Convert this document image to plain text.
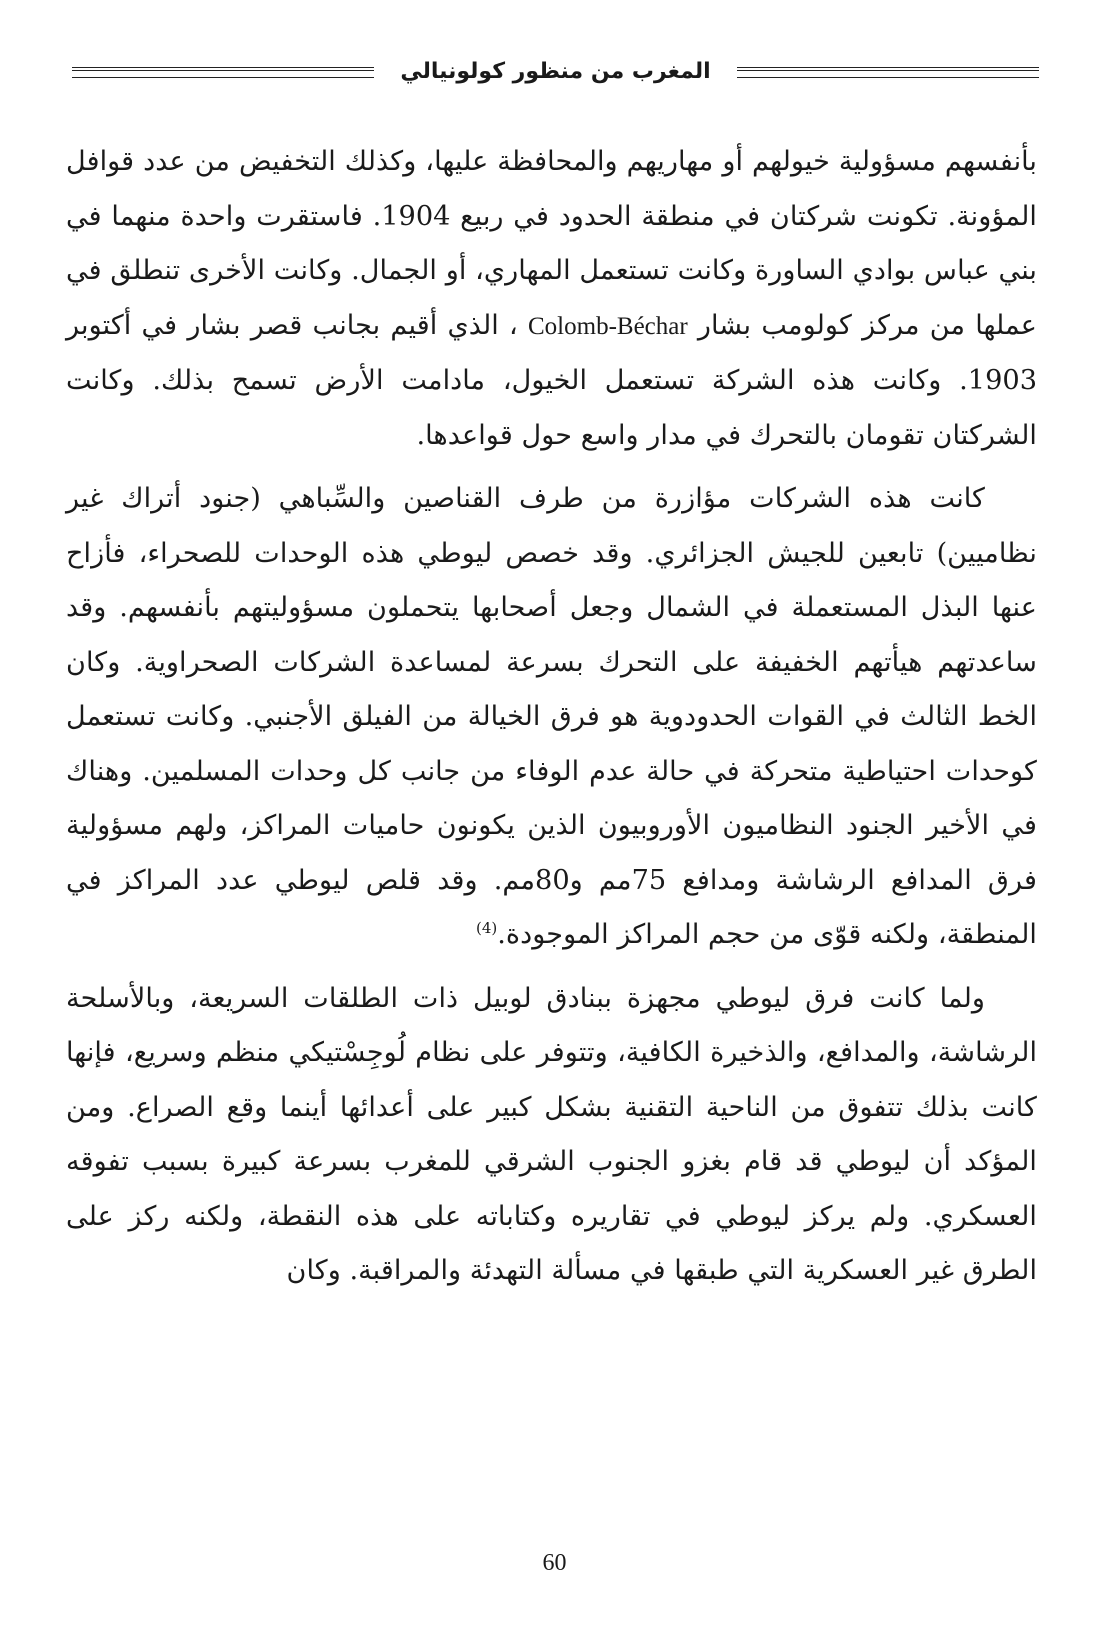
المغرب من منظور كولونيالي

بأنفسهم مسؤولية خيولهم أو مهاريهم والمحافظة عليها، وكذلك التخفيض من عدد قوافل المؤونة. تكونت شركتان في منطقة الحدود في ربيع 1904. فاستقرت واحدة منهما في بني عباس بوادي الساورة وكانت تستعمل المهاري، أو الجمال. وكانت الأخرى تنطلق في عملها من مركز كولومب بشار Colomb-Béchar ، الذي أقيم بجانب قصر بشار في أكتوبر 1903. وكانت هذه الشركة تستعمل الخيول، مادامت الأرض تسمح بذلك. وكانت الشركتان تقومان بالتحرك في مدار واسع حول قواعدها.

كانت هذه الشركات مؤازرة من طرف القناصين والسِّباهي (جنود أتراك غير نظاميين) تابعين للجيش الجزائري. وقد خصص ليوطي هذه الوحدات للصحراء، فأزاح عنها البذل المستعملة في الشمال وجعل أصحابها يتحملون مسؤوليتهم بأنفسهم. وقد ساعدتهم هيأتهم الخفيفة على التحرك بسرعة لمساعدة الشركات الصحراوية. وكان الخط الثالث في القوات الحدودوية هو فرق الخيالة من الفيلق الأجنبي. وكانت تستعمل كوحدات احتياطية متحركة في حالة عدم الوفاء من جانب كل وحدات المسلمين. وهناك في الأخير الجنود النظاميون الأوروبيون الذين يكونون حاميات المراكز، ولهم مسؤولية فرق المدافع الرشاشة ومدافع 75مم و80مم. وقد قلص ليوطي عدد المراكز في المنطقة، ولكنه قوّى من حجم المراكز الموجودة.$^{(4)}$

ولما كانت فرق ليوطي مجهزة ببنادق لوبيل ذات الطلقات السريعة، وبالأسلحة الرشاشة، والمدافع، والذخيرة الكافية، وتتوفر على نظام لُوجِسْتيكي منظم وسريع، فإنها كانت بذلك تتفوق من الناحية التقنية بشكل كبير على أعدائها أينما وقع الصراع. ومن المؤكد أن ليوطي قد قام بغزو الجنوب الشرقي للمغرب بسرعة كبيرة بسبب تفوقه العسكري. ولم يركز ليوطي في تقاريره وكتاباته على هذه النقطة، ولكنه ركز على الطرق غير العسكرية التي طبقها في مسألة التهدئة والمراقبة. وكان

60
